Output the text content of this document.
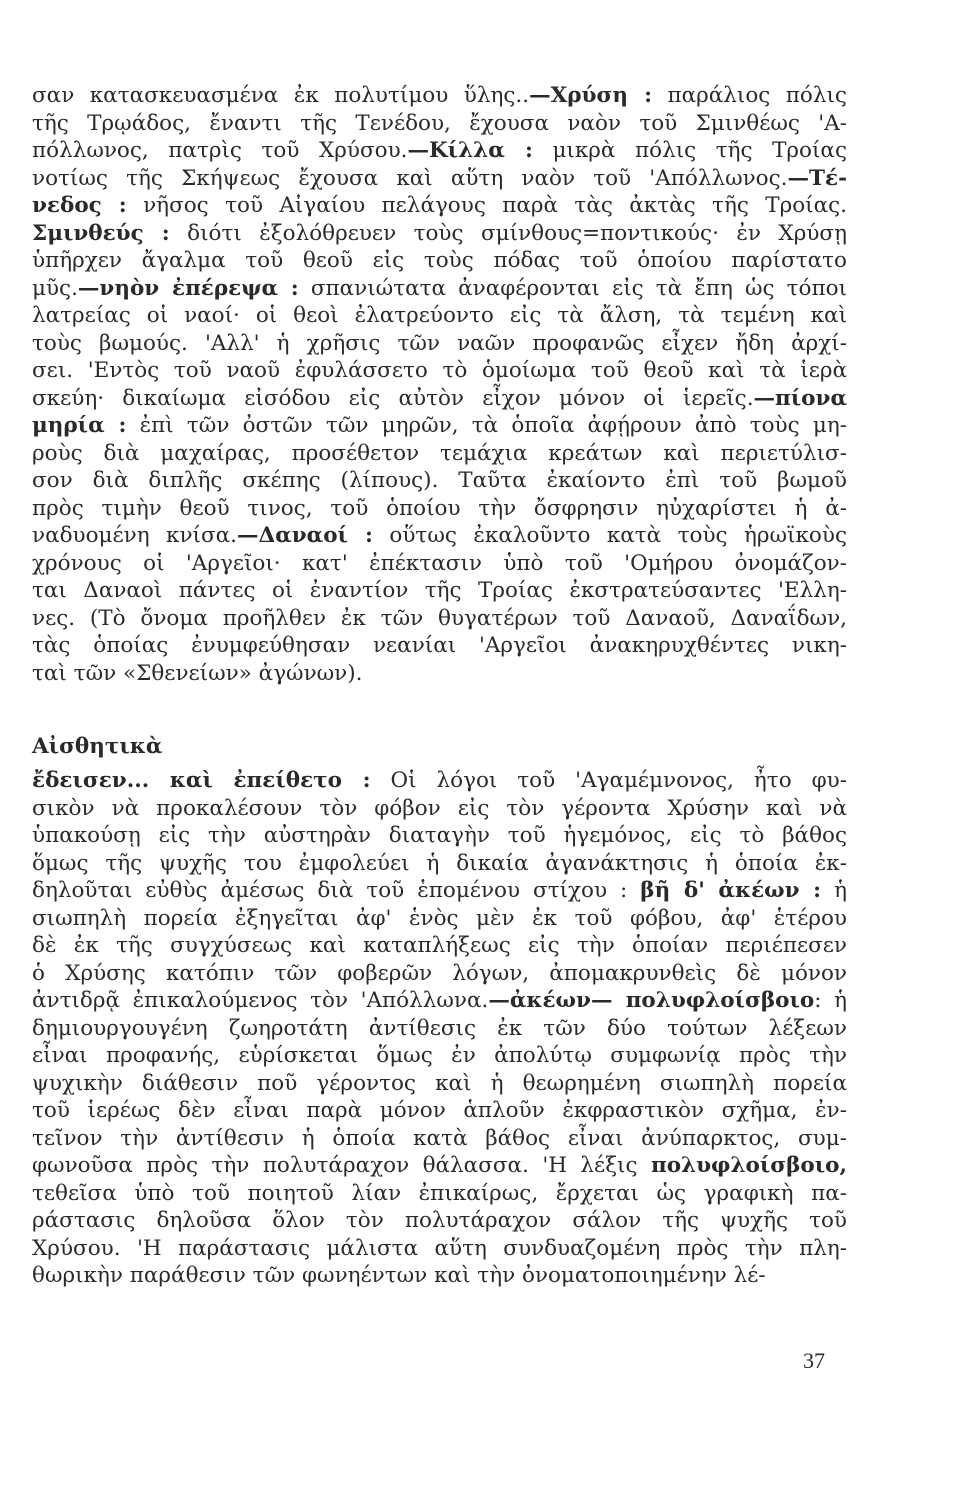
σαν κατασκευασμένα ἐκ πολυτίμου ὕλης..—Χρύση : παράλιος πόλις
τῆς Τρῳάδος, ἔναντι τῆς Τενέδου, ἔχουσα ναὸν τοῦ Σμινθέως 'Α-
πόλλωνος, πατρὶς τοῦ Χρύσου.—Κίλλα : μικρὰ πόλις τῆς Τροίας
νοτίως τῆς Σκήψεως ἔχουσα καὶ αὕτη ναὸν τοῦ 'Απόλλωνος.—Τέ-
νεδος : νῆσος τοῦ Αἰγαίου πελάγους παρὰ τὰς ἀκτὰς τῆς Τροίας.
Σμινθεύς : διότι ἐξολόθρευεν τοὺς σμίνθους=ποντικούς· ἐν Χρύσῃ
ὑπῆρχεν ἄγαλμα τοῦ θεοῦ εἰς τοὺς πόδας τοῦ ὁποίου παρίστατο
μῦς.—νηὸν ἐπέρεψα : σπανιώτατα ἀναφέρονται εἰς τὰ ἔπη ὡς τόποι
λατρείας οἱ ναοί· οἱ θεοὶ ἐλατρεύοντο εἰς τὰ ἄλση, τὰ τεμένη καὶ
τοὺς βωμούς. 'Αλλ' ἡ χρῆσις τῶν ναῶν προφανῶς εἶχεν ἤδη ἀρχί-
σει. 'Εντὸς τοῦ ναοῦ ἐφυλάσσετο τὸ ὁμοίωμα τοῦ θεοῦ καὶ τὰ ἱερὰ
σκεύη· δικαίωμα εἰσόδου εἰς αὐτὸν εἶχον μόνον οἱ ἱερεῖς.—πίονα
μηρία : ἐπὶ τῶν ὀστῶν τῶν μηρῶν, τὰ ὁποῖα ἀφῄρουν ἀπὸ τοὺς μη-
ροὺς διὰ μαχαίρας, προσέθετον τεμάχια κρεάτων καὶ περιετύλισ-
σον διὰ διπλῆς σκέπης (λίπους). Ταῦτα ἐκαίοντο ἐπὶ τοῦ βωμοῦ
πρὸς τιμὴν θεοῦ τινος, τοῦ ὁποίου τὴν ὄσφρησιν ηὐχαρίστει ἡ ἀ-
ναδυομένη κνίσα.—Δαναοί : οὕτως ἐκαλοῦντο κατὰ τοὺς ἡρωϊκοὺς
χρόνους οἱ 'Αργεῖοι· κατ' ἐπέκτασιν ὑπὸ τοῦ 'Ομήρου ὀνομάζον-
ται Δαναοὶ πάντες οἱ ἐναντίον τῆς Τροίας ἐκστρατεύσαντες 'Ελλη-
νες. (Τὸ ὄνομα προῆλθεν ἐκ τῶν θυγατέρων τοῦ Δαναοῦ, Δαναΐδων,
τὰς ὁποίας ἐνυμφεύθησαν νεανίαι 'Αργεῖοι ἀνακηρυχθέντες νικη-
ταὶ τῶν «Σθενείων» ἀγώνων).
Αἰσθητικὰ
ἔδεισεν... καὶ ἐπείθετο : Οἱ λόγοι τοῦ 'Αγαμέμνονος, ἦτο φυ-
σικὸν νὰ προκαλέσουν τὸν φόβον εἰς τὸν γέροντα Χρύσην καὶ νὰ
ὑπακούσῃ εἰς τὴν αὐστηρὰν διαταγὴν τοῦ ἡγεμόνος, εἰς τὸ βάθος
ὅμως τῆς ψυχῆς του ἐμφολεύει ἡ δικαία ἀγανάκτησις ἡ ὁποία ἐκ-
δηλοῦται εὐθὺς ἀμέσως διὰ τοῦ ἑπομένου στίχου : βῆ δ' ἀκέων : ἡ
σιωπηλὴ πορεία ἐξηγεῖται ἀφ' ἑνὸς μὲν ἐκ τοῦ φόβου, ἀφ' ἑτέρου
δὲ ἐκ τῆς συγχύσεως καὶ καταπλήξεως εἰς τὴν ὁποίαν περιέπεσεν
ὁ Χρύσης κατόπιν τῶν φοβερῶν λόγων, ἀπομακρυνθεὶς δὲ μόνον
ἀντιδρᾷ ἐπικαλούμενος τὸν 'Απόλλωνα.—ἀκέων— πολυφλοίσβοιο: ἡ
δημιουργουγένη ζωηροτάτη ἀντίθεσις ἐκ τῶν δύο τούτων λέξεων
εἶναι προφανής, εὑρίσκεται ὅμως ἐν ἀπολύτῳ συμφωνίᾳ πρὸς τὴν
ψυχικὴν διάθεσιν ποῦ γέροντος καὶ ἡ θεωρημένη σιωπηλὴ πορεία
τοῦ ἱερέως δὲν εἶναι παρὰ μόνον ἁπλοῦν ἐκφραστικὸν σχῆμα, ἐν-
τεῖνον τὴν ἀντίθεσιν ἡ ὁποία κατὰ βάθος εἶναι ἀνύπαρκτος, συμ-
φωνοῦσα πρὸς τὴν πολυτάραχον θάλασσα. 'Η λέξις πολυφλοίσβοιο,
τεθεῖσα ὑπὸ τοῦ ποιητοῦ λίαν ἐπικαίρως, ἔρχεται ὡς γραφικὴ πα-
ράστασις δηλοῦσα ὅλον τὸν πολυτάραχον σάλον τῆς ψυχῆς τοῦ
Χρύσου. 'Η παράστασις μάλιστα αὕτη συνδυαζομένη πρὸς τὴν πλη-
θωρικὴν παράθεσιν τῶν φωνηέντων καὶ τὴν ὀνοματοποιημένην λέ-
37
